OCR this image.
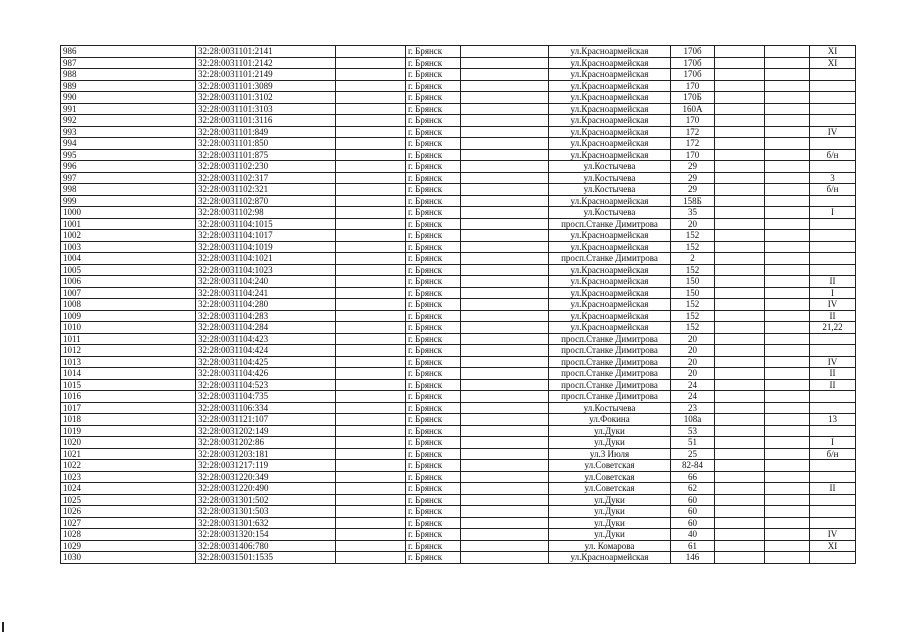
986	32:28:0031101:2141		г. Брянск		ул.Красноармейская	170б			XI
987	32:28:0031101:2142		г. Брянск		ул.Красноармейская	170б			XI
988	32:28:0031101:2149		г. Брянск		ул.Красноармейская	170б			
989	32:28:0031101:3089		г. Брянск		ул.Красноармейская	170			
990	32:28:0031101:3102		г. Брянск		ул.Красноармейская	170Б			
991	32:28:0031101:3103		г. Брянск		ул.Красноармейская	160А			
992	32:28:0031101:3116		г. Брянск		ул.Красноармейская	170			
993	32:28:0031101:849		г. Брянск		ул.Красноармейская	172			IV
994	32:28:0031101:850		г. Брянск		ул.Красноармейская	172			
995	32:28:0031101:875		г. Брянск		ул.Красноармейская	170			б/н
996	32:28:0031102:230		г. Брянск		ул.Костычева	29			
997	32:28:0031102:317		г. Брянск		ул.Костычева	29			3
998	32:28:0031102:321		г. Брянск		ул.Костычева	29			б/н
999	32:28:0031102:870		г. Брянск		ул.Красноармейская	158Б			
1000	32:28:0031102:98		г. Брянск		ул.Костычева	35			I
1001	32:28:0031104:1015		г. Брянск		просп.Станке Димитрова	20			
1002	32:28:0031104:1017		г. Брянск		ул.Красноармейская	152			
1003	32:28:0031104:1019		г. Брянск		ул.Красноармейская	152			
1004	32:28:0031104:1021		г. Брянск		просп.Станке Димитрова	2			
1005	32:28:0031104:1023		г. Брянск		ул.Красноармейская	152			
1006	32:28:0031104:240		г. Брянск		ул.Красноармейская	150			II
1007	32:28:0031104:241		г. Брянск		ул.Красноармейская	150			I
1008	32:28:0031104:280		г. Брянск		ул.Красноармейская	152			IV
1009	32:28:0031104:283		г. Брянск		ул.Красноармейская	152			II
1010	32:28:0031104:284		г. Брянск		ул.Красноармейская	152			21,22
1011	32:28:0031104:423		г. Брянск		просп.Станке Димитрова	20			
1012	32:28:0031104:424		г. Брянск		просп.Станке Димитрова	20			
1013	32:28:0031104:425		г. Брянск		просп.Станке Димитрова	20			IV
1014	32:28:0031104:426		г. Брянск		просп.Станке Димитрова	20			II
1015	32:28:0031104:523		г. Брянск		просп.Станке Димитрова	24			II
1016	32:28:0031104:735		г. Брянск		просп.Станке Димитрова	24			
1017	32:28:0031106:334		г. Брянск		ул.Костычева	23			
1018	32:28:0031121:107		г. Брянск		ул.Фокина	108а			13
1019	32:28:0031202:149		г. Брянск		ул.Дуки	53			
1020	32:28:0031202:86		г. Брянск		ул.Дуки	51			I
1021	32:28:0031203:181		г. Брянск		ул.3 Июля	25			б/н
1022	32:28:0031217:119		г. Брянск		ул.Советская	82-84			
1023	32:28:0031220:349		г. Брянск		ул.Советская	66			
1024	32:28:0031220:490		г. Брянск		ул.Советская	62			II
1025	32:28:0031301:502		г. Брянск		ул.Дуки	60			
1026	32:28:0031301:503		г. Брянск		ул.Дуки	60			
1027	32:28:0031301:632		г. Брянск		ул.Дуки	60			
1028	32:28:0031320:154		г. Брянск		ул.Дуки	40			IV
1029	32:28:0031406:780		г. Брянск		ул. Комарова	61			XI
1030	32:28:0031501:1535		г. Брянск		ул.Красноармейская	146			
